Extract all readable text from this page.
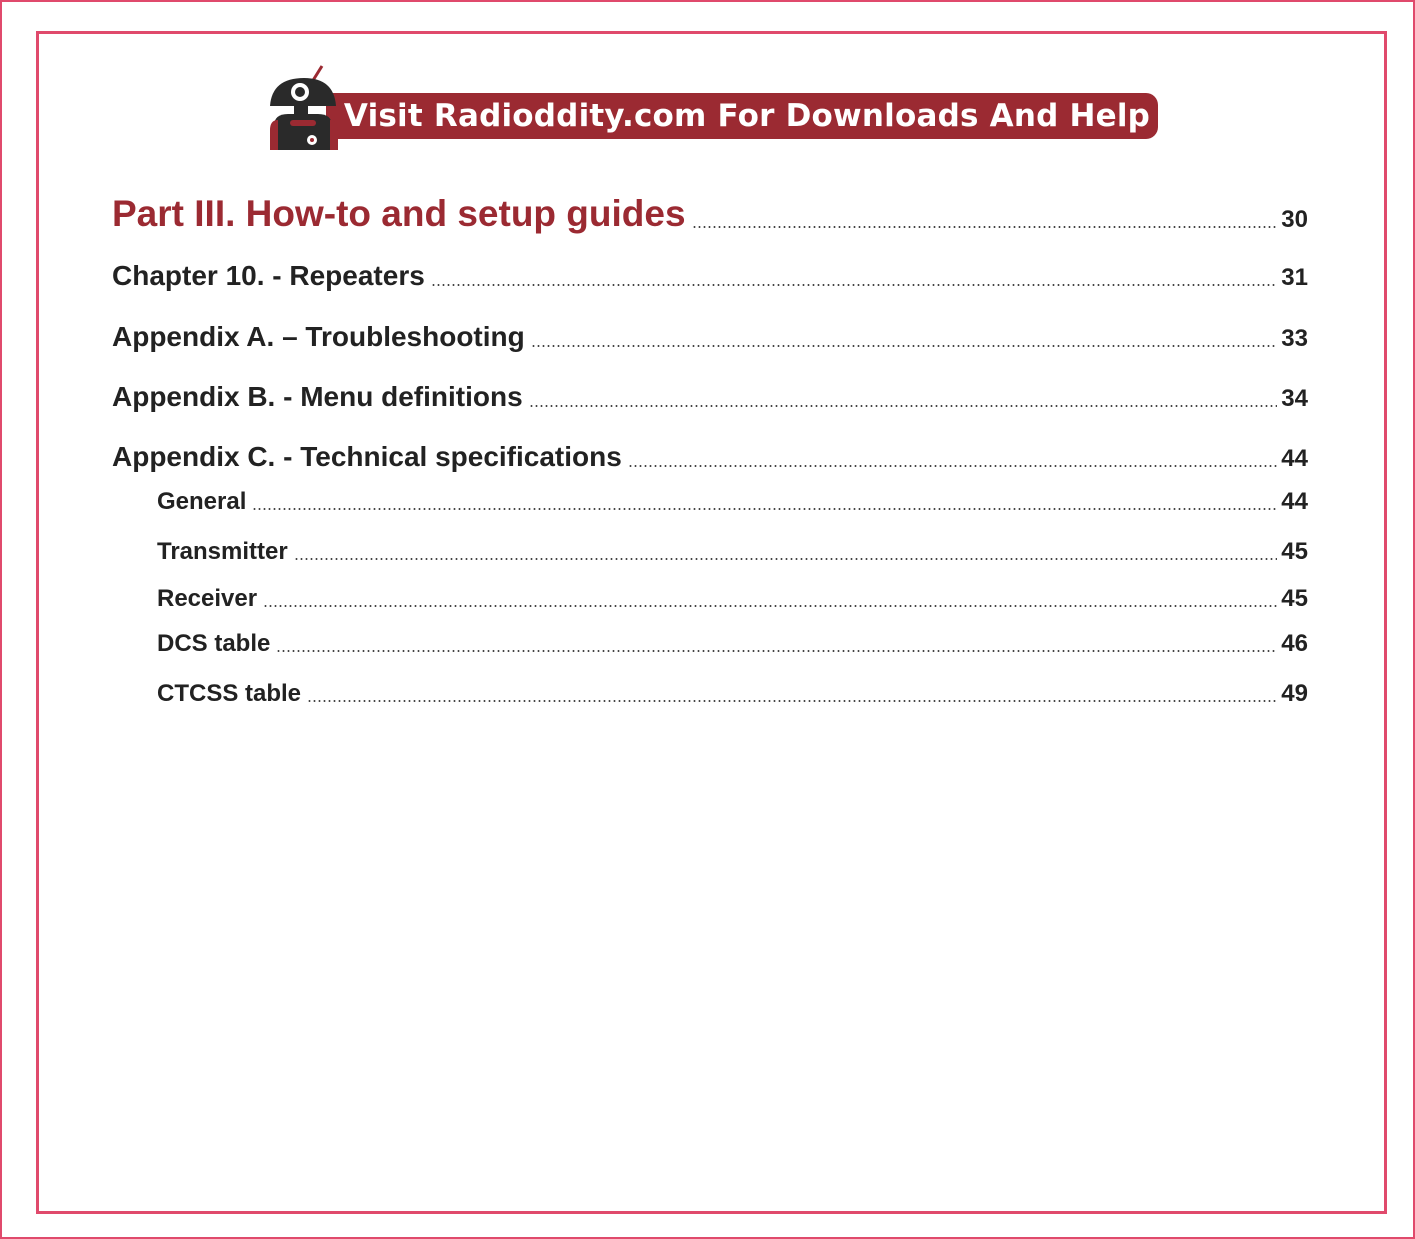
Visit Radioddity.com For Downloads And Help
Part III. How-to and setup guides	30
Chapter 10. - Repeaters	31
Appendix A. – Troubleshooting	33
Appendix B. - Menu definitions	34
Appendix C. - Technical specifications	44
General	44
Transmitter	45
Receiver	45
DCS table	46
CTCSS table	49
